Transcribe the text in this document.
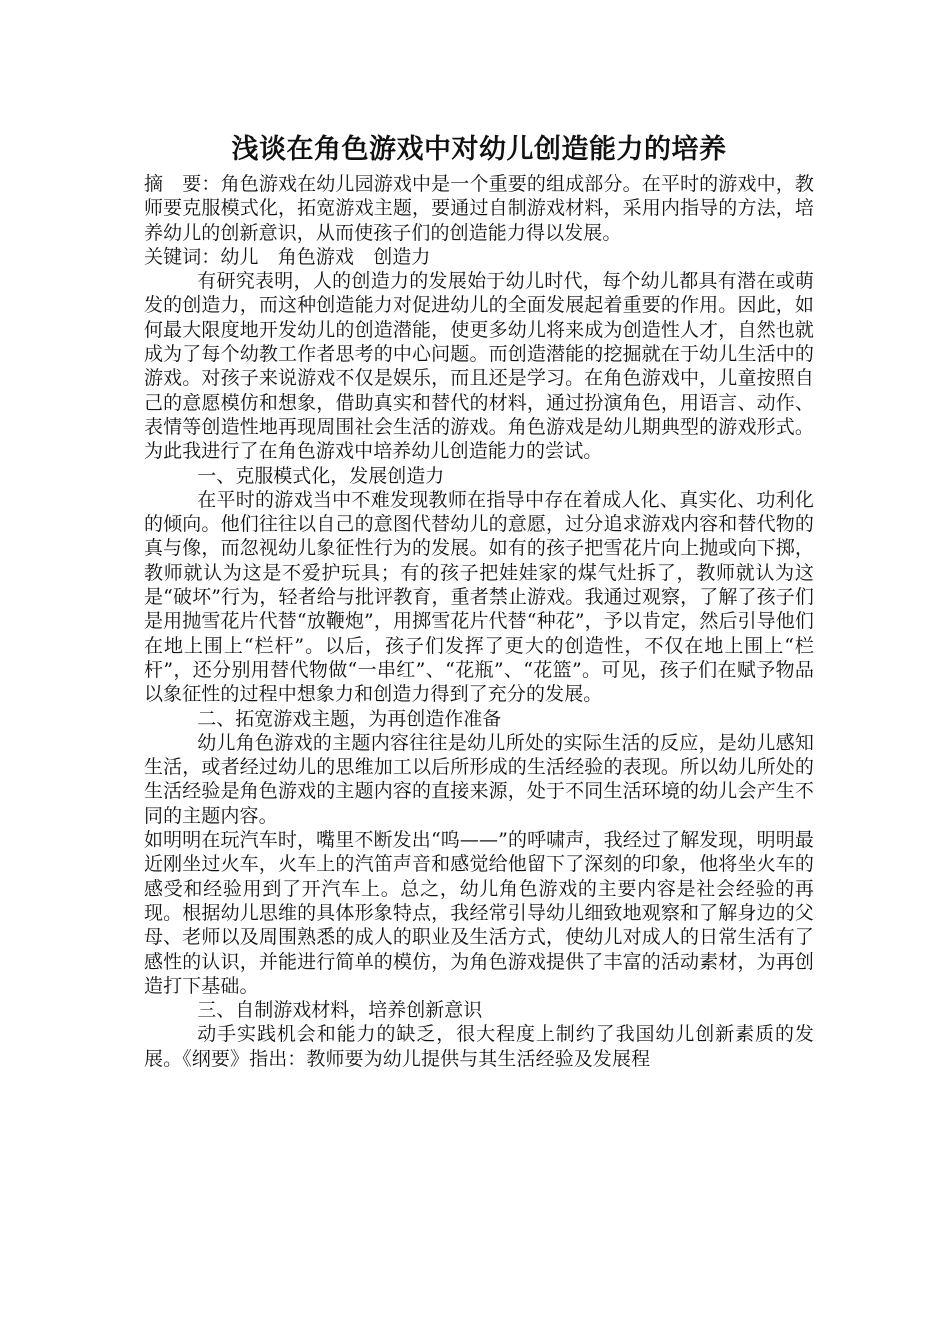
浅谈在角色游戏中对幼儿创造能力的培养

摘　要：角色游戏在幼儿园游戏中是一个重要的组成部分。在平时的游戏中，教师要克服模式化，拓宽游戏主题，要通过自制游戏材料，采用内指导的方法，培养幼儿的创新意识，从而使孩子们的创造能力得以发展。

关键词：幼儿　角色游戏　创造力

有研究表明，人的创造力的发展始于幼儿时代，每个幼儿都具有潜在或萌发的创造力，而这种创造能力对促进幼儿的全面发展起着重要的作用。因此，如何最大限度地开发幼儿的创造潜能，使更多幼儿将来成为创造性人才，自然也就成为了每个幼教工作者思考的中心问题。而创造潜能的挖掘就在于幼儿生活中的游戏。对孩子来说游戏不仅是娱乐，而且还是学习。在角色游戏中，儿童按照自己的意愿模仿和想象，借助真实和替代的材料，通过扮演角色，用语言、动作、表情等创造性地再现周围社会生活的游戏。角色游戏是幼儿期典型的游戏形式。为此我进行了在角色游戏中培养幼儿创造能力的尝试。

一、克服模式化，发展创造力

在平时的游戏当中不难发现教师在指导中存在着成人化、真实化、功利化的倾向。他们往往以自己的意图代替幼儿的意愿，过分追求游戏内容和替代物的真与像，而忽视幼儿象征性行为的发展。如有的孩子把雪花片向上抛或向下掷，教师就认为这是不爱护玩具；有的孩子把娃娃家的煤气灶拆了，教师就认为这是“破坏”行为，轻者给与批评教育，重者禁止游戏。我通过观察，了解了孩子们是用抛雪花片代替“放鞭炮”，用掷雪花片代替“种花”，予以肯定，然后引导他们在地上围上“栏杆”。以后，孩子们发挥了更大的创造性，不仅在地上围上“栏杆”，还分别用替代物做“一串红”、“花瓶”、“花篮”。可见，孩子们在赋予物品以象征性的过程中想象力和创造力得到了充分的发展。

二、拓宽游戏主题，为再创造作准备

幼儿角色游戏的主题内容往往是幼儿所处的实际生活的反应，是幼儿感知生活，或者经过幼儿的思维加工以后所形成的生活经验的表现。所以幼儿所处的生活经验是角色游戏的主题内容的直接来源，处于不同生活环境的幼儿会产生不同的主题内容。

如明明在玩汽车时，嘴里不断发出“呜——”的呼啸声，我经过了解发现，明明最近刚坐过火车，火车上的汽笛声音和感觉给他留下了深刻的印象，他将坐火车的感受和经验用到了开汽车上。总之，幼儿角色游戏的主要内容是社会经验的再现。根据幼儿思维的具体形象特点，我经常引导幼儿细致地观察和了解身边的父母、老师以及周围熟悉的成人的职业及生活方式，使幼儿对成人的日常生活有了感性的认识，并能进行简单的模仿，为角色游戏提供了丰富的活动素材，为再创造打下基础。

三、自制游戏材料，培养创新意识

动手实践机会和能力的缺乏，很大程度上制约了我国幼儿创新素质的发展。《纲要》指出：教师要为幼儿提供与其生活经验及发展程
